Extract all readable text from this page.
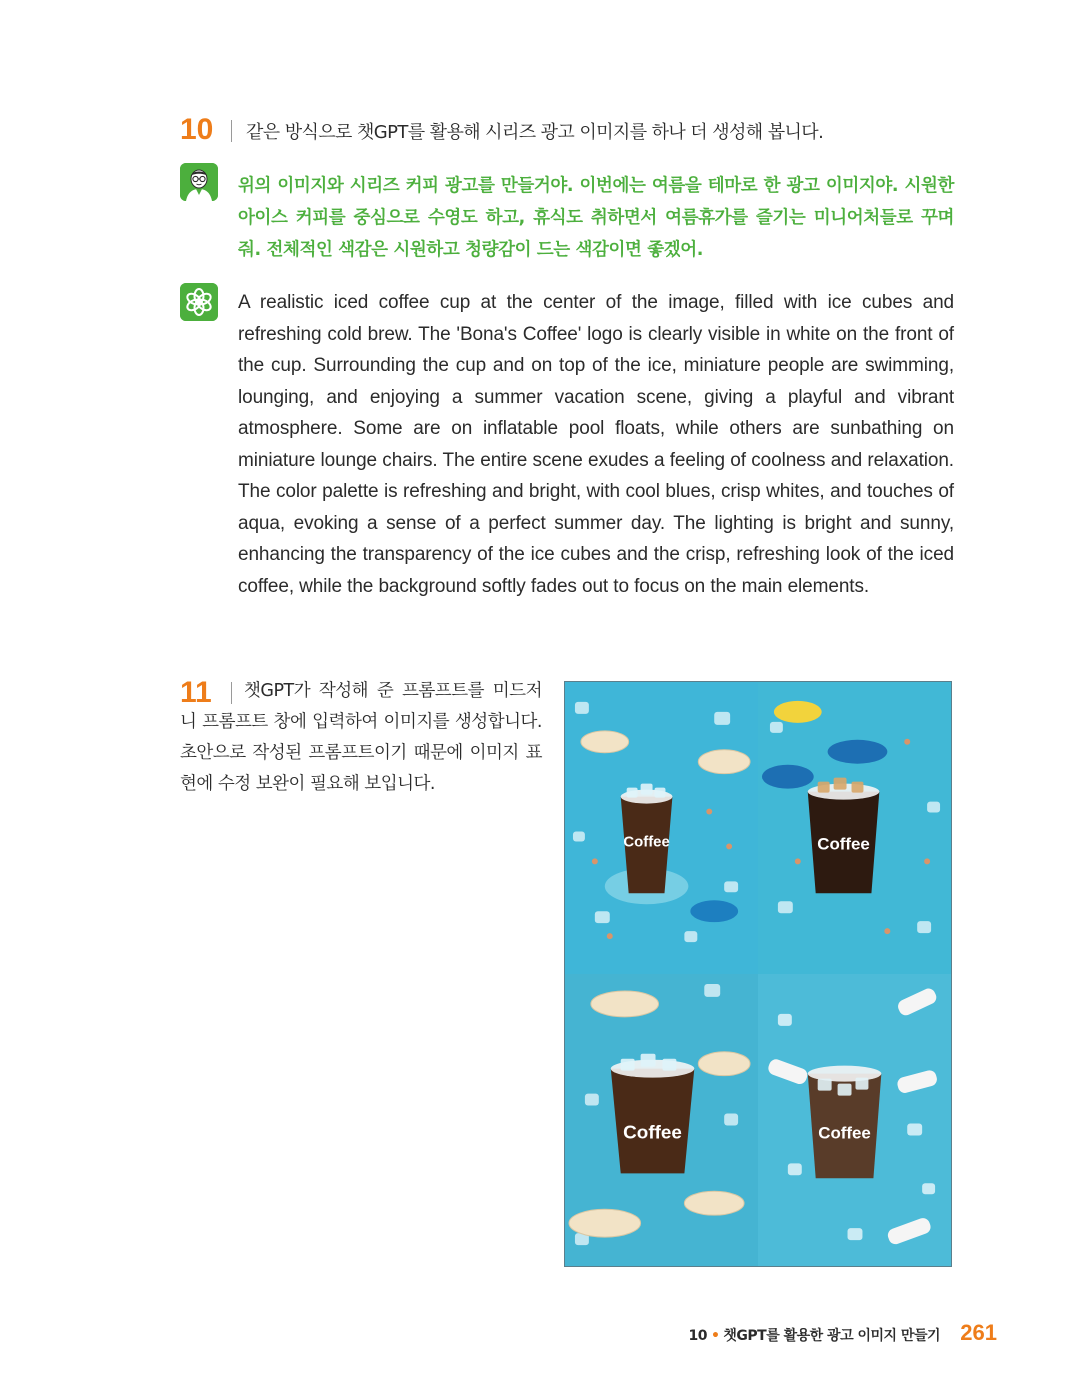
10 같은 방식으로 챗GPT를 활용해 시리즈 광고 이미지를 하나 더 생성해 봅니다.
위의 이미지와 시리즈 커피 광고를 만들거야. 이번에는 여름을 테마로 한 광고 이미지야. 시원한 아이스 커피를 중심으로 수영도 하고, 휴식도 취하면서 여름휴가를 즐기는 미니어처들로 꾸며 줘. 전체적인 색감은 시원하고 청량감이 드는 색감이면 좋겠어.
A realistic iced coffee cup at the center of the image, filled with ice cubes and refreshing cold brew. The 'Bona's Coffee' logo is clearly visible in white on the front of the cup. Surrounding the cup and on top of the ice, miniature people are swimming, lounging, and enjoying a summer vacation scene, giving a playful and vibrant atmosphere. Some are on inflatable pool floats, while others are sunbathing on miniature lounge chairs. The entire scene exudes a feeling of coolness and relaxation. The color palette is refreshing and bright, with cool blues, crisp whites, and touches of aqua, evoking a sense of a perfect summer day. The lighting is bright and sunny, enhancing the transparency of the ice cubes and the crisp, refreshing look of the iced coffee, while the background softly fades out to focus on the main elements.
11	챗GPT가 작성해 준 프롬프트를 미드저니 프롬프트 창에 입력하여 이미지를 생성합니다. 초안으로 작성된 프롬프트이기 때문에 이미지 표현에 수정 보완이 필요해 보입니다.
Coffee	Coffee
Coffee	Coffee
10 • 챗GPT를 활용한 광고 이미지 만들기 261
